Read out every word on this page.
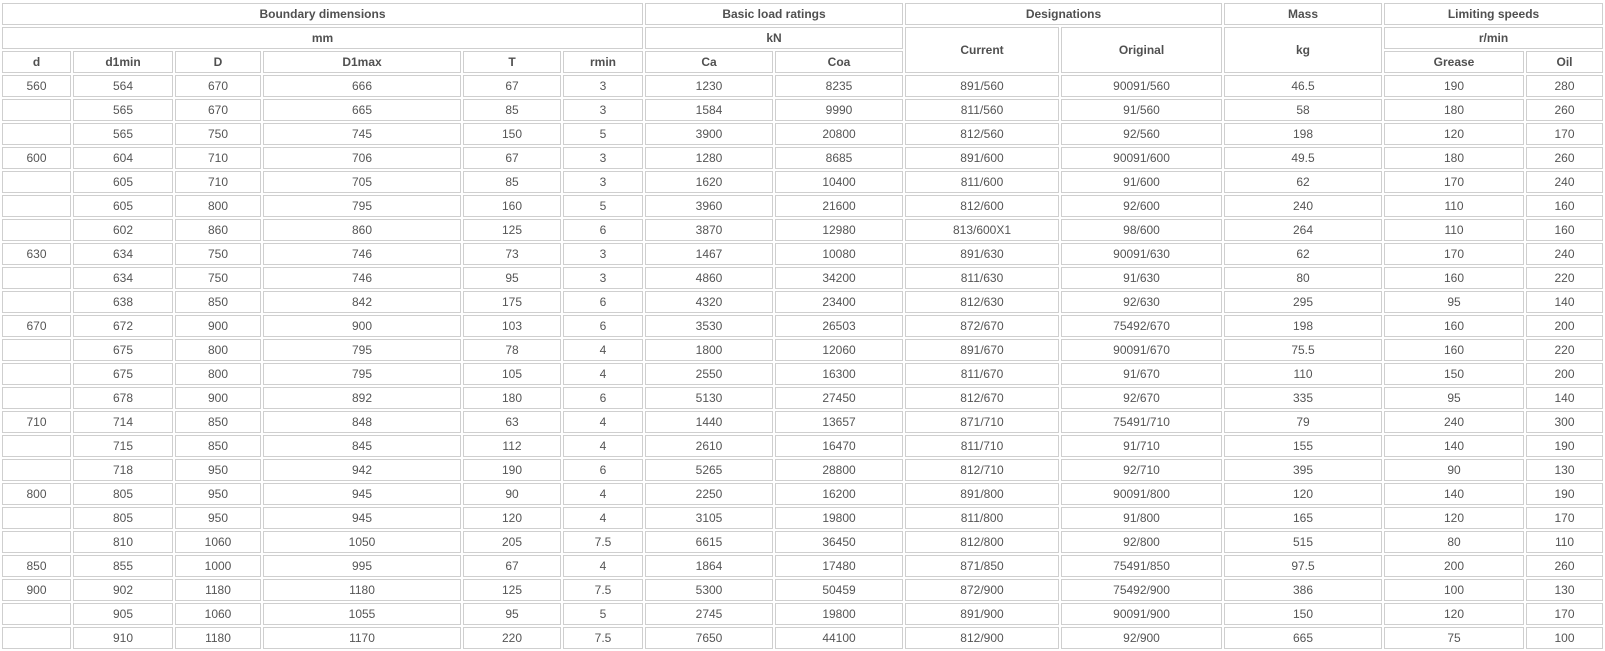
Boundary dimensions						Basic load ratings		Designations		Mass	Limiting speeds	
mm						kN		Current	Original	kg	r/min	
d	d1min	D	D1max	T	rmin	Ca	Coa				Grease	Oil
560	564	670	666	67	3	1230	8235	891/560	90091/560	46.5	190	280
	565	670	665	85	3	1584	9990	811/560	91/560	58	180	260
	565	750	745	150	5	3900	20800	812/560	92/560	198	120	170
600	604	710	706	67	3	1280	8685	891/600	90091/600	49.5	180	260
	605	710	705	85	3	1620	10400	811/600	91/600	62	170	240
	605	800	795	160	5	3960	21600	812/600	92/600	240	110	160
	602	860	860	125	6	3870	12980	813/600X1	98/600	264	110	160
630	634	750	746	73	3	1467	10080	891/630	90091/630	62	170	240
	634	750	746	95	3	4860	34200	811/630	91/630	80	160	220
	638	850	842	175	6	4320	23400	812/630	92/630	295	95	140
670	672	900	900	103	6	3530	26503	872/670	75492/670	198	160	200
	675	800	795	78	4	1800	12060	891/670	90091/670	75.5	160	220
	675	800	795	105	4	2550	16300	811/670	91/670	110	150	200
	678	900	892	180	6	5130	27450	812/670	92/670	335	95	140
710	714	850	848	63	4	1440	13657	871/710	75491/710	79	240	300
	715	850	845	112	4	2610	16470	811/710	91/710	155	140	190
	718	950	942	190	6	5265	28800	812/710	92/710	395	90	130
800	805	950	945	90	4	2250	16200	891/800	90091/800	120	140	190
	805	950	945	120	4	3105	19800	811/800	91/800	165	120	170
	810	1060	1050	205	7.5	6615	36450	812/800	92/800	515	80	110
850	855	1000	995	67	4	1864	17480	871/850	75491/850	97.5	200	260
900	902	1180	1180	125	7.5	5300	50459	872/900	75492/900	386	100	130
	905	1060	1055	95	5	2745	19800	891/900	90091/900	150	120	170
	910	1180	1170	220	7.5	7650	44100	812/900	92/900	665	75	100
